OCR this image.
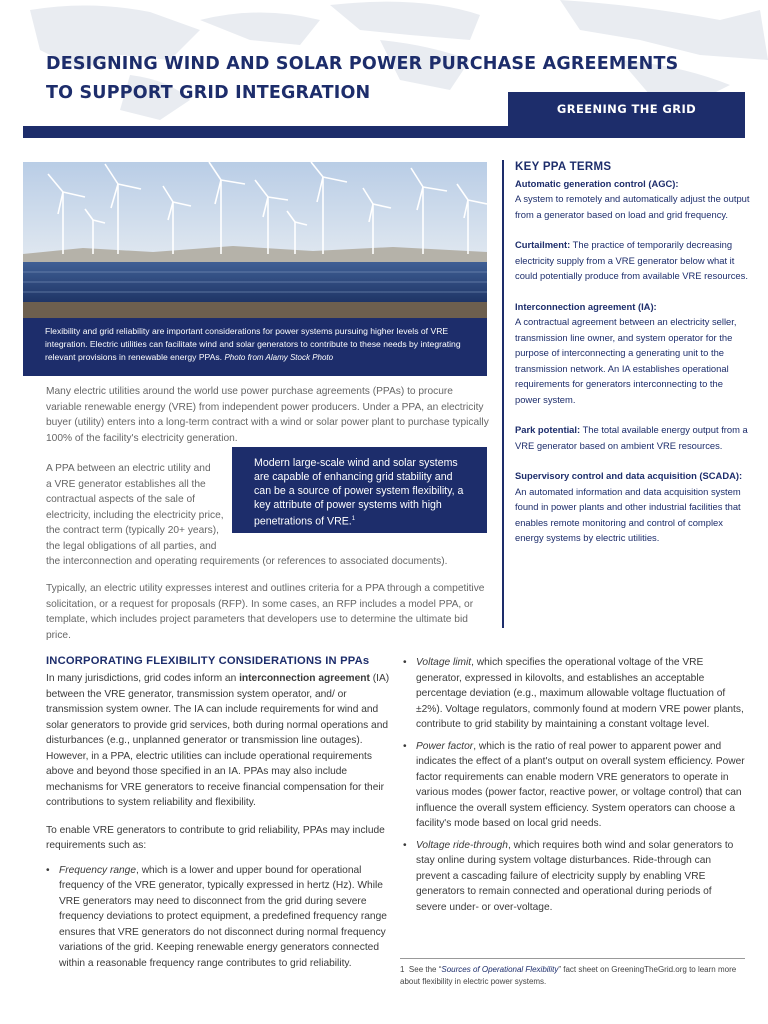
DESIGNING WIND AND SOLAR POWER PURCHASE AGREEMENTS
TO SUPPORT GRID INTEGRATION
GREENING THE GRID
Flexibility and grid reliability are important considerations for power systems pursuing higher levels of VRE integration. Electric utilities can facilitate wind and solar generators to contribute to these needs by integrating relevant provisions in renewable energy PPAs. Photo from Alamy Stock Photo
Many electric utilities around the world use power purchase agreements (PPAs) to procure variable renewable energy (VRE) from independent power producers. Under a PPA, an electricity buyer (utility) enters into a long-term contract with a wind or solar power plant to purchase typically 100% of the facility's electricity generation.
A PPA between an electric utility and
a VRE generator establishes all the
contractual aspects of the sale of
electricity, including the electricity price,
the contract term (typically 20+ years),
the legal obligations of all parties, and
the interconnection and operating requirements (or references to associated documents).
Modern large-scale wind and solar systems are capable of enhancing grid stability and can be a source of power system flexibility, a key attribute of power systems with high penetrations of VRE.$^1$
Typically, an electric utility expresses interest and outlines criteria for a PPA through a competitive solicitation, or a request for proposals (RFP). In some cases, an RFP includes a model PPA, or template, which includes project parameters that developers use to determine the ultimate bid price.
KEY PPA TERMS
Automatic generation control (AGC):
A system to remotely and automatically adjust the output from a generator based on load and grid frequency.
Curtailment: The practice of temporarily decreasing electricity supply from a VRE generator below what it could potentially produce from available VRE resources.
Interconnection agreement (IA):
A contractual agreement between an electricity seller, transmission line owner, and system operator for the purpose of interconnecting a generating unit to the transmission network. An IA establishes operational requirements for generators interconnecting to the power system.
Park potential: The total available energy output from a VRE generator based on ambient VRE resources.
Supervisory control and data acquisition (SCADA): An automated information and data acquisition system found in power plants and other industrial facilities that enables remote monitoring and control of complex energy systems by electric utilities.
INCORPORATING FLEXIBILITY CONSIDERATIONS IN PPAs

In many jurisdictions, grid codes inform an interconnection agreement (IA) between the VRE generator, transmission system operator, and/ or transmission system owner. The IA can include requirements for wind and solar generators to provide grid services, both during normal operations and disturbances (e.g., unplanned generator or transmission line outages). However, in a PPA, electric utilities can include operational requirements above and beyond those specified in an IA. PPAs may also include mechanisms for VRE generators to receive financial compensation for their contributions to system reliability and flexibility.

To enable VRE generators to contribute to grid reliability, PPAs may include requirements such as:

• Frequency range, which is a lower and upper bound for operational frequency of the VRE generator, typically expressed in hertz (Hz). While VRE generators may need to disconnect from the grid during severe frequency deviations to protect equipment, a predefined frequency range ensures that VRE generators do not disconnect during normal frequency variations of the grid. Keeping renewable energy generators connected within a reasonable frequency range contributes to grid reliability.
• Voltage limit, which specifies the operational voltage of the VRE generator, expressed in kilovolts, and establishes an acceptable percentage deviation (e.g., maximum allowable voltage fluctuation of ±2%). Voltage regulators, commonly found at modern VRE power plants, contribute to grid stability by maintaining a constant voltage level.
• Power factor, which is the ratio of real power to apparent power and indicates the effect of a plant's output on overall system efficiency. Power factor requirements can enable modern VRE generators to operate in various modes (power factor, reactive power, or voltage control) that can influence the overall system efficiency. System operators can choose a facility's mode based on local grid needs.
• Voltage ride-through, which requires both wind and solar generators to stay online during system voltage disturbances. Ride-through can prevent a cascading failure of electricity supply by enabling VRE generators to remain connected and operational during periods of severe under- or over-voltage.
1 See the “Sources of Operational Flexibility” fact sheet on GreeningTheGrid.org to learn more about flexibility in electric power systems.
